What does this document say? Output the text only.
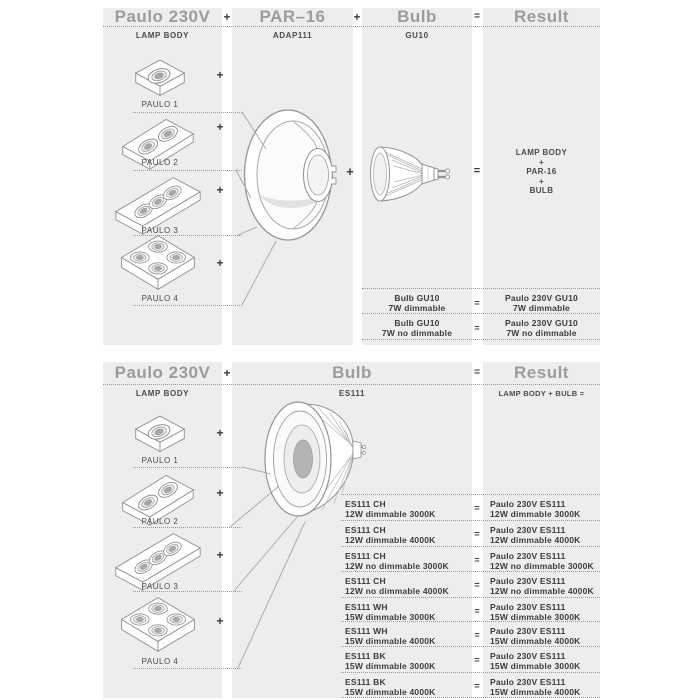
Paulo 230V	+	PAR–16	+	Bulb	=	Result
LAMP BODY	ADAP111	GU10
PAULO 1
+
PAULO 2
+
PAULO 3
+
PAULO 4
+
+	=
LAMP BODY
+
PAR-16
+
BULB
Bulb GU10
7W dimmable	=	Paulo 230V GU10
7W dimmable
Bulb GU10
7W no dimmable	=	Paulo 230V GU10
7W no dimmable
Paulo 230V	+	Bulb	=	Result
LAMP BODY	ES111	LAMP BODY + BULB =
PAULO 1
+
PAULO 2
+
PAULO 3
+
PAULO 4
+
ES111 CH
12W dimmable 3000K
=	Paulo 230V ES111
12W dimmable 3000K
ES111 CH
12W dimmable 4000K
=	Paulo 230V ES111
12W dimmable 4000K
ES111 CH
12W no dimmable 3000K
=	Paulo 230V ES111
12W no dimmable 3000K
ES111 CH
12W no dimmable 4000K
=	Paulo 230V ES111
12W no dimmable 4000K
ES111 WH
15W dimmable 3000K
=	Paulo 230V ES111
15W dimmable 3000K
ES111 WH
15W dimmable 4000K
=	Paulo 230V ES111
15W dimmable 4000K
ES111 BK
15W dimmable 3000K
=	Paulo 230V ES111
15W dimmable 3000K
ES111 BK
15W dimmable 4000K
=	Paulo 230V ES111
15W dimmable 4000K
